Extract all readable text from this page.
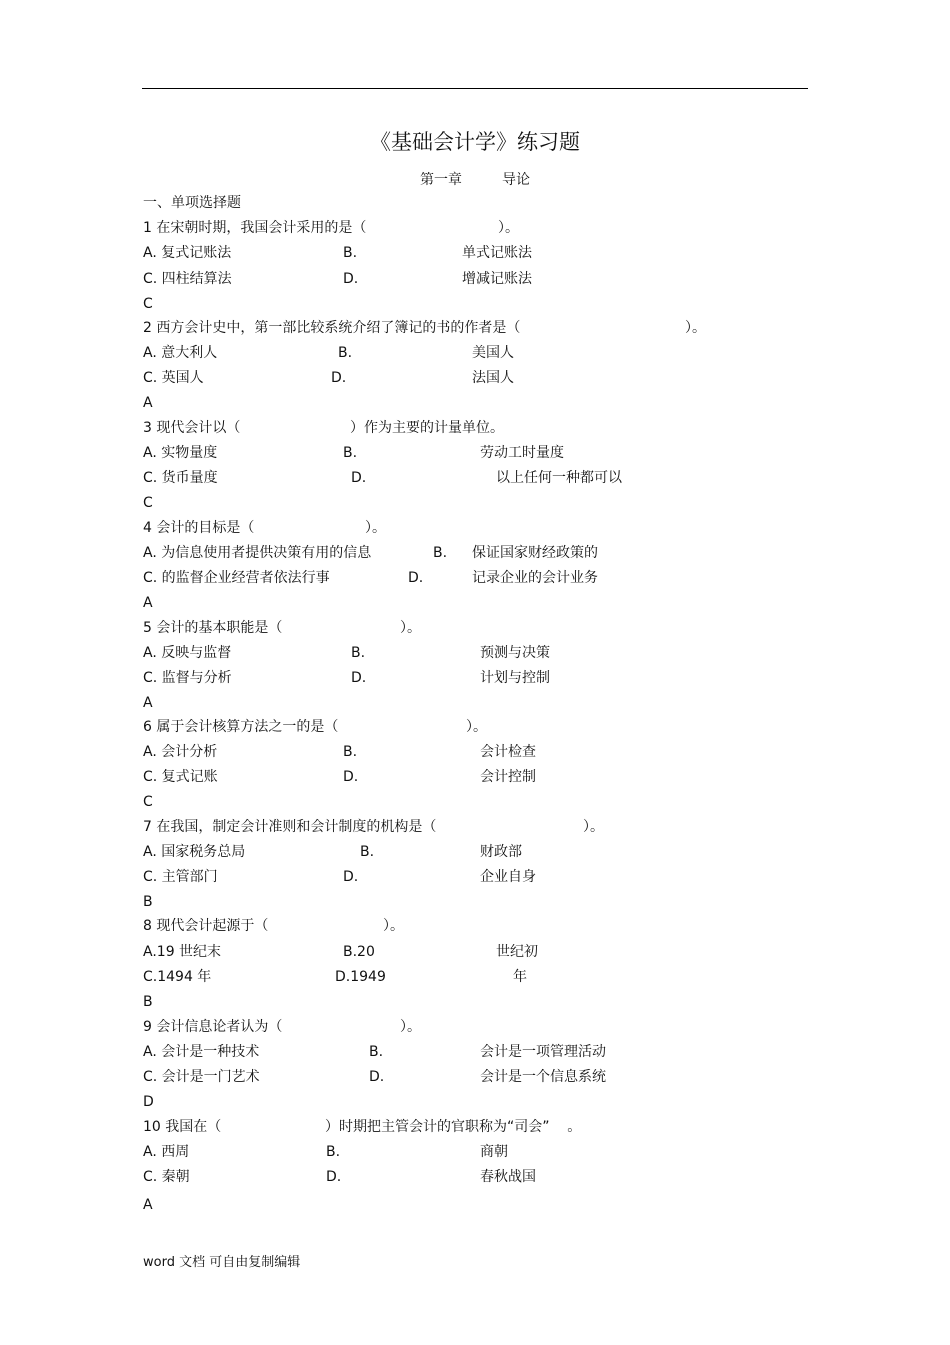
《基础会计学》练习题
第一章	导论
一、单项选择题
1 在宋朝时期，我国会计采用的是（	）。
A. 复式记账法	B.	单式记账法
C. 四柱结算法	D.	增减记账法
C
2 西方会计史中，第一部比较系统介绍了簿记的书的作者是（	）。
A. 意大利人	B.	美国人
C. 英国人	D.	法国人
A
3 现代会计以（	）作为主要的计量单位。
A. 实物量度	B.	劳动工时量度
C. 货币量度	D.	以上任何一种都可以
C
4 会计的目标是（	）。
A. 为信息使用者提供决策有用的信息	B. 保证国家财经政策的
C. 的监督企业经营者依法行事	D.	记录企业的会计业务
A
5 会计的基本职能是（	）。
A. 反映与监督	B.	预测与决策
C. 监督与分析	D.	计划与控制
A
6 属于会计核算方法之一的是（	）。
A. 会计分析	B.	会计检查
C. 复式记账	D.	会计控制
C
7 在我国，制定会计准则和会计制度的机构是（	）。
A. 国家税务总局	B.	财政部
C. 主管部门	D.	企业自身
B
8 现代会计起源于（	）。
A.19 世纪末	B.20	世纪初
C.1494 年	D.1949	年
B
9 会计信息论者认为（	）。
A. 会计是一种技术	B.	会计是一项管理活动
C. 会计是一门艺术	D.	会计是一个信息系统
D
10 我国在（	）时期把主管会计的官职称为“司会”    。
A. 西周	B.	商朝
C. 秦朝	D.	春秋战国
A
word 文档 可自由复制编辑
